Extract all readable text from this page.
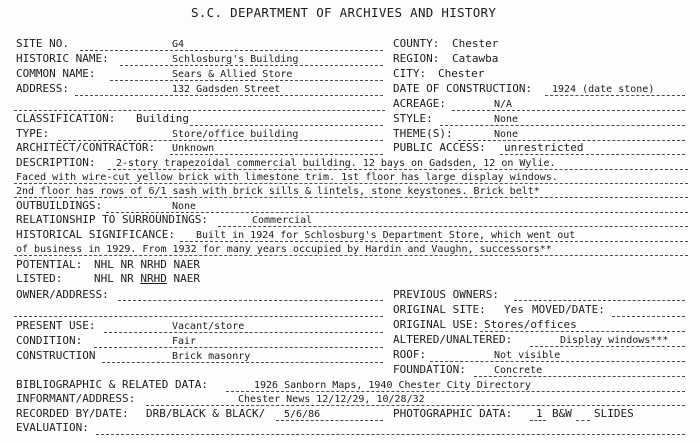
S.C. DEPARTMENT OF ARCHIVES AND HISTORY
SITE NO.	G4
HISTORIC NAME:	Schlosburg's Building
COMMON NAME:	Sears & Allied Store
ADDRESS:	132 Gadsden Street
COUNTY: Chester
REGION: Catawba
CITY: Chester
DATE OF CONSTRUCTION: 1924 (date stone)
ACREAGE:	N/A
CLASSIFICATION: Building	STYLE:	None
TYPE:	Store/office building	THEME(S):	None
ARCHITECT/CONTRACTOR: Unknown	PUBLIC ACCESS: unrestricted
DESCRIPTION: 2-story trapezoidal commercial building. 12 bays on Gadsden, 12 on Wylie.
Faced with wire-cut yellow brick with limestone trim. 1st floor has large display windows.
2nd floor has rows of 6/1 sash with brick sills & lintels, stone keystones. Brick belt*
OUTBUILDINGS:	None
RELATIONSHIP TO SURROUNDINGS:	Commercial
HISTORICAL SIGNIFICANCE: Built in 1924 for Schlosburg's Department Store, which went out
of business in 1929. From 1932 for many years occupied by Hardin and Vaughn, successors**
POTENTIAL: NHL NR NRHD NAER
LISTED:	NHL NR NRHD NAER
OWNER/ADDRESS:	PREVIOUS OWNERS:
ORIGINAL SITE: Yes MOVED/DATE:
PRESENT USE:	Vacant/store	ORIGINAL USE: Stores/offices
CONDITION:	Fair	ALTERED/UNALTERED:	Display windows***
CONSTRUCTION	Brick masonry	ROOF:	Not visible
FOUNDATION:	Concrete
BIBLIOGRAPHIC & RELATED DATA:	1926 Sanborn Maps, 1940 Chester City Directory
INFORMANT/ADDRESS:	Chester News 12/12/29, 10/28/32
RECORDED BY/DATE: DRB/BLACK & BLACK/ 5/6/86	PHOTOGRAPHIC DATA: 1 B&W SLIDES
EVALUATION:
